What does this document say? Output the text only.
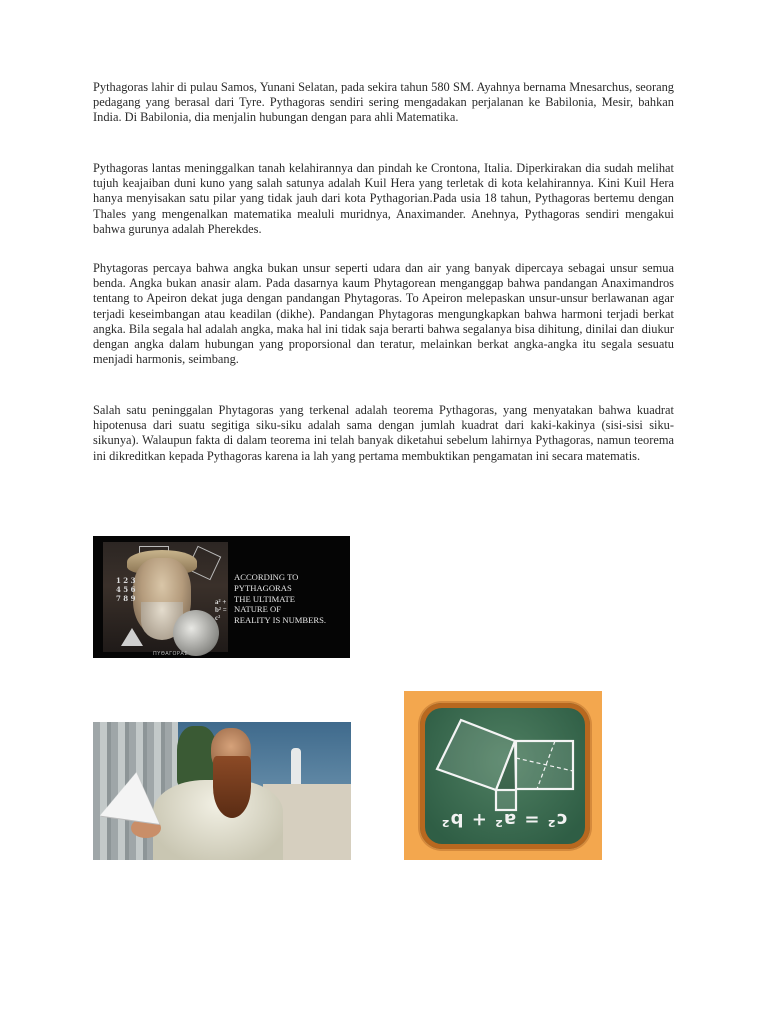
Pythagoras lahir di pulau Samos, Yunani Selatan, pada sekira tahun 580 SM. Ayahnya bernama Mnesarchus, seorang pedagang yang berasal dari Tyre. Pythagoras sendiri sering mengadakan perjalanan ke Babilonia, Mesir, bahkan India. Di Babilonia, dia menjalin hubungan dengan para ahli Matematika.

Pythagoras lantas meninggalkan tanah kelahirannya dan pindah ke Crontona, Italia. Diperkirakan dia sudah melihat tujuh keajaiban duni kuno yang salah satunya adalah Kuil Hera yang terletak di kota kelahirannya. Kini Kuil Hera hanya menyisakan satu pilar yang tidak jauh dari kota Pythagorian.Pada usia 18 tahun, Pythagoras bertemu dengan Thales yang mengenalkan matematika mealuli muridnya, Anaximander. Anehnya, Pythagoras sendiri mengakui bahwa gurunya adalah Pherekdes.

Phytagoras percaya bahwa angka bukan unsur seperti udara dan air yang banyak dipercaya sebagai unsur semua benda. Angka bukan anasir alam. Pada dasarnya kaum Phytagorean menganggap bahwa pandangan Anaximandros tentang to Apeiron dekat juga dengan pandangan Phytagoras. To Apeiron melepaskan unsur-unsur berlawanan agar terjadi keseimbangan atau keadilan (dikhe). Pandangan Phytagoras mengungkapkan bahwa harmoni terjadi berkat angka. Bila segala hal adalah angka, maka hal ini tidak saja berarti bahwa segalanya bisa dihitung, dinilai dan diukur dengan angka dalam hubungan yang proporsional dan teratur, melainkan berkat angka-angka itu segala sesuatu menjadi harmonis, seimbang.

Salah satu peninggalan Phytagoras yang terkenal adalah teorema Pythagoras, yang menyatakan bahwa kuadrat hipotenusa dari suatu segitiga siku-siku adalah sama dengan jumlah kuadrat dari kaki-kakinya (sisi-sisi siku-sikunya). Walaupun fakta di dalam teorema ini telah banyak diketahui sebelum lahirnya Pythagoras, namun teorema ini dikreditkan kepada Pythagoras karena ia lah yang pertama membuktikan pengamatan ini secara matematis.

1 2 3 4 5 6 7 8 9	a² + b² = c²
ΠΥΘΑΓΟΡΑΣ
ACCORDING TO
PYTHAGORAS
THE ULTIMATE
NATURE OF
REALITY IS NUMBERS.
c² = a² + b²
